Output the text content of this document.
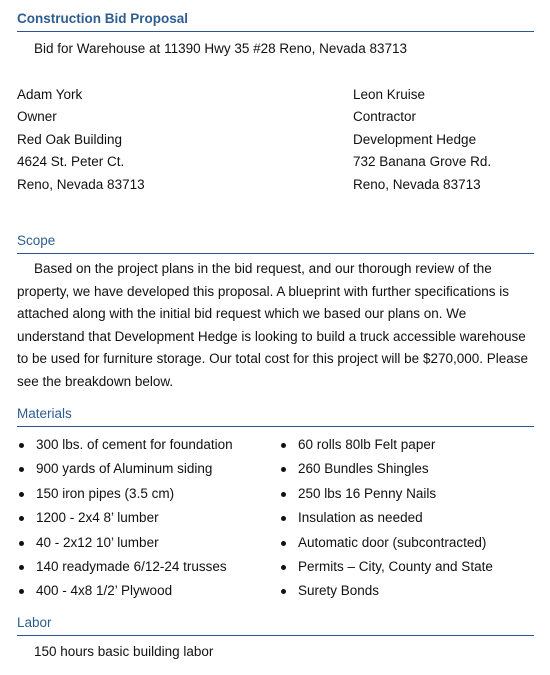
Construction Bid Proposal
Bid for Warehouse at 11390 Hwy 35 #28 Reno, Nevada 83713
Adam York
Owner
Red Oak Building
4624 St. Peter Ct.
Reno, Nevada 83713
Leon Kruise
Contractor
Development Hedge
732 Banana Grove Rd.
Reno, Nevada 83713
Scope

Based on the project plans in the bid request, and our thorough review of the property, we have developed this proposal. A blueprint with further specifications is attached along with the initial bid request which we based our plans on. We understand that Development Hedge is looking to build a truck accessible warehouse to be used for furniture storage. Our total cost for this project will be $270,000. Please see the breakdown below.

Materials
300 lbs. of cement for foundation
900 yards of Aluminum siding
150 iron pipes (3.5 cm)
1200 - 2x4 8’ lumber
40 - 2x12 10’ lumber
140 readymade 6/12-24 trusses
400 - 4x8 1/2’ Plywood
60 rolls 80lb Felt paper
260 Bundles Shingles
250 lbs 16 Penny Nails
Insulation as needed
Automatic door (subcontracted)
Permits – City, County and State
Surety Bonds
Labor
150 hours basic building labor
